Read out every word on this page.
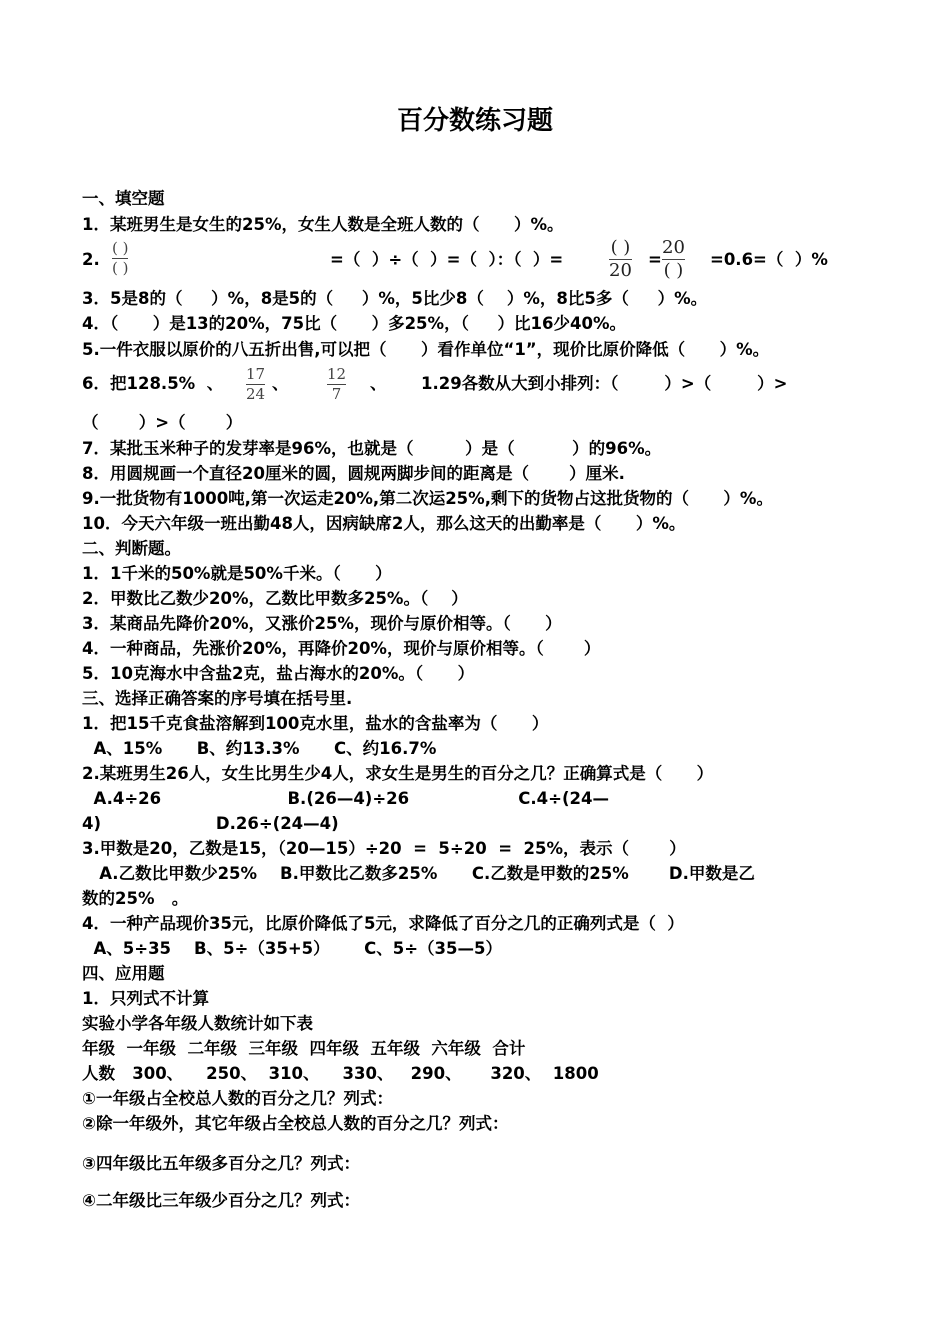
百分数练习题
一、填空题
1．某班男生是女生的25%，女生人数是全班人数的（      ）%。
2.
( )
( )	=（  ）÷（  ）=（  ）：（  ）=
( )
20
=
20
( )
=0.6=（  ）%
3．5是8的（     ）%，8是5的（     ）%，5比少8（    ）%，8比5多（     ）%。
4．（      ）是13的20%，75比（      ）多25%，（     ）比16少40%。
5.一件衣服以原价的八五折出售,可以把（      ）看作单位“1”，现价比原价降低（      ）%。
6．把128.5%  、 17
24
、	12
7
、      1.29各数从大到小排列：（        ）>（        ）>
（       ）>（       ）
7．某批玉米种子的发芽率是96%，也就是（         ）是（          ）的96%。
8．用圆规画一个直径20厘米的圆，圆规两脚步间的距离是（       ）厘米.
9.一批货物有1000吨,第一次运走20%,第二次运25%,剩下的货物占这批货物的（      ）%。
10．今天六年级一班出勤48人，因病缺席2人，那么这天的出勤率是（      ）%。
二、判断题。
1．1千米的50%就是50%千米。（      ）
2．甲数比乙数少20%，乙数比甲数多25%。（    ）
3．某商品先降价20%，又涨价25%，现价与原价相等。（      ）
4．一种商品，先涨价20%，再降价20%，现价与原价相等。（       ）
5．10克海水中含盐2克，盐占海水的20%。（      ）
三、选择正确答案的序号填在括号里.
1．把15千克食盐溶解到100克水里，盐水的含盐率为（      ）
A、15%      B、约13.3%      C、约16.7%
2.某班男生26人，女生比男生少4人，求女生是男生的百分之几？正确算式是（      ）
A.4÷26                      B.(26—4)÷26                   C.4÷(24—
4)                    D.26÷(24—4)
3.甲数是20，乙数是15，（20—15）÷20  =  5÷20  =  25%，表示（       ）
A.乙数比甲数少25%    B.甲数比乙数多25%      C.乙数是甲数的25%       D.甲数是乙
数的25%   。
4．一种产品现价35元，比原价降低了5元，求降低了百分之几的正确列式是（  ）
A、5÷35    B、5÷（35+5）      C、5÷（35—5）
四、应用题
1．只列式不计算
实验小学各年级人数统计如下表
年级  一年级  二年级  三年级  四年级  五年级  六年级  合计
人数   300、    250、  310、    330、   290、     320、  1800
①一年级占全校总人数的百分之几？列式：
②除一年级外，其它年级占全校总人数的百分之几？列式：
③四年级比五年级多百分之几？列式：
④二年级比三年级少百分之几？列式：
